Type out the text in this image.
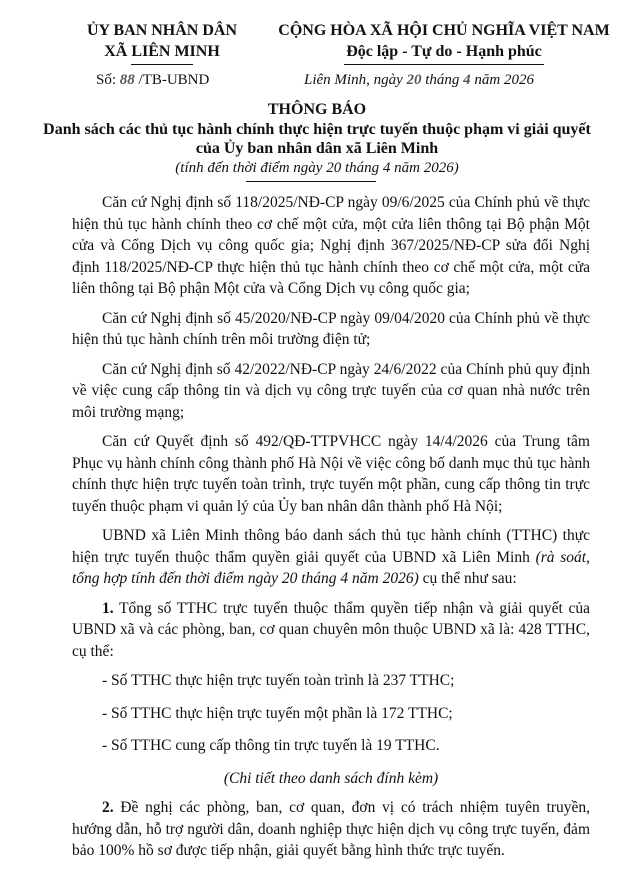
ỦY BAN NHÂN DÂN
XÃ LIÊN MINH
CỘNG HÒA XÃ HỘI CHỦ NGHĨA VIỆT NAM
Độc lập - Tự do - Hạnh phúc
Số: 88 /TB-UBND	Liên Minh, ngày 20 tháng 4 năm 2026
THÔNG BÁO
Danh sách các thủ tục hành chính thực hiện trực tuyến thuộc phạm vi giải quyết của Ủy ban nhân dân xã Liên Minh
(tính đến thời điểm ngày 20 tháng 4 năm 2026)

Căn cứ Nghị định số 118/2025/NĐ-CP ngày 09/6/2025 của Chính phủ về thực hiện thủ tục hành chính theo cơ chế một cửa, một cửa liên thông tại Bộ phận Một cửa và Cổng Dịch vụ công quốc gia; Nghị định 367/2025/NĐ-CP sửa đổi Nghị định 118/2025/NĐ-CP thực hiện thủ tục hành chính theo cơ chế một cửa, một cửa liên thông tại Bộ phận Một cửa và Cổng Dịch vụ công quốc gia;

Căn cứ Nghị định số 45/2020/NĐ-CP ngày 09/04/2020 của Chính phủ về thực hiện thủ tục hành chính trên môi trường điện tử;

Căn cứ Nghị định số 42/2022/NĐ-CP ngày 24/6/2022 của Chính phủ quy định về việc cung cấp thông tin và dịch vụ công trực tuyến của cơ quan nhà nước trên môi trường mạng;

Căn cứ Quyết định số 492/QĐ-TTPVHCC ngày 14/4/2026 của Trung tâm Phục vụ hành chính công thành phố Hà Nội về việc công bố danh mục thủ tục hành chính thực hiện trực tuyến toàn trình, trực tuyến một phần, cung cấp thông tin trực tuyến thuộc phạm vi quản lý của Ủy ban nhân dân thành phố Hà Nội;

UBND xã Liên Minh thông báo danh sách thủ tục hành chính (TTHC) thực hiện trực tuyến thuộc thẩm quyền giải quyết của UBND xã Liên Minh (rà soát, tổng hợp tính đến thời điểm ngày 20 tháng 4 năm 2026) cụ thể như sau:

1. Tổng số TTHC trực tuyến thuộc thẩm quyền tiếp nhận và giải quyết của UBND xã và các phòng, ban, cơ quan chuyên môn thuộc UBND xã là: 428 TTHC, cụ thể:

- Số TTHC thực hiện trực tuyến toàn trình là 237 TTHC;

- Số TTHC thực hiện trực tuyến một phần là 172 TTHC;

- Số TTHC cung cấp thông tin trực tuyến là 19 TTHC.

(Chi tiết theo danh sách đính kèm)

2. Đề nghị các phòng, ban, cơ quan, đơn vị có trách nhiệm tuyên truyền, hướng dẫn, hỗ trợ người dân, doanh nghiệp thực hiện dịch vụ công trực tuyến, đảm bảo 100% hồ sơ được tiếp nhận, giải quyết bằng hình thức trực tuyến.
